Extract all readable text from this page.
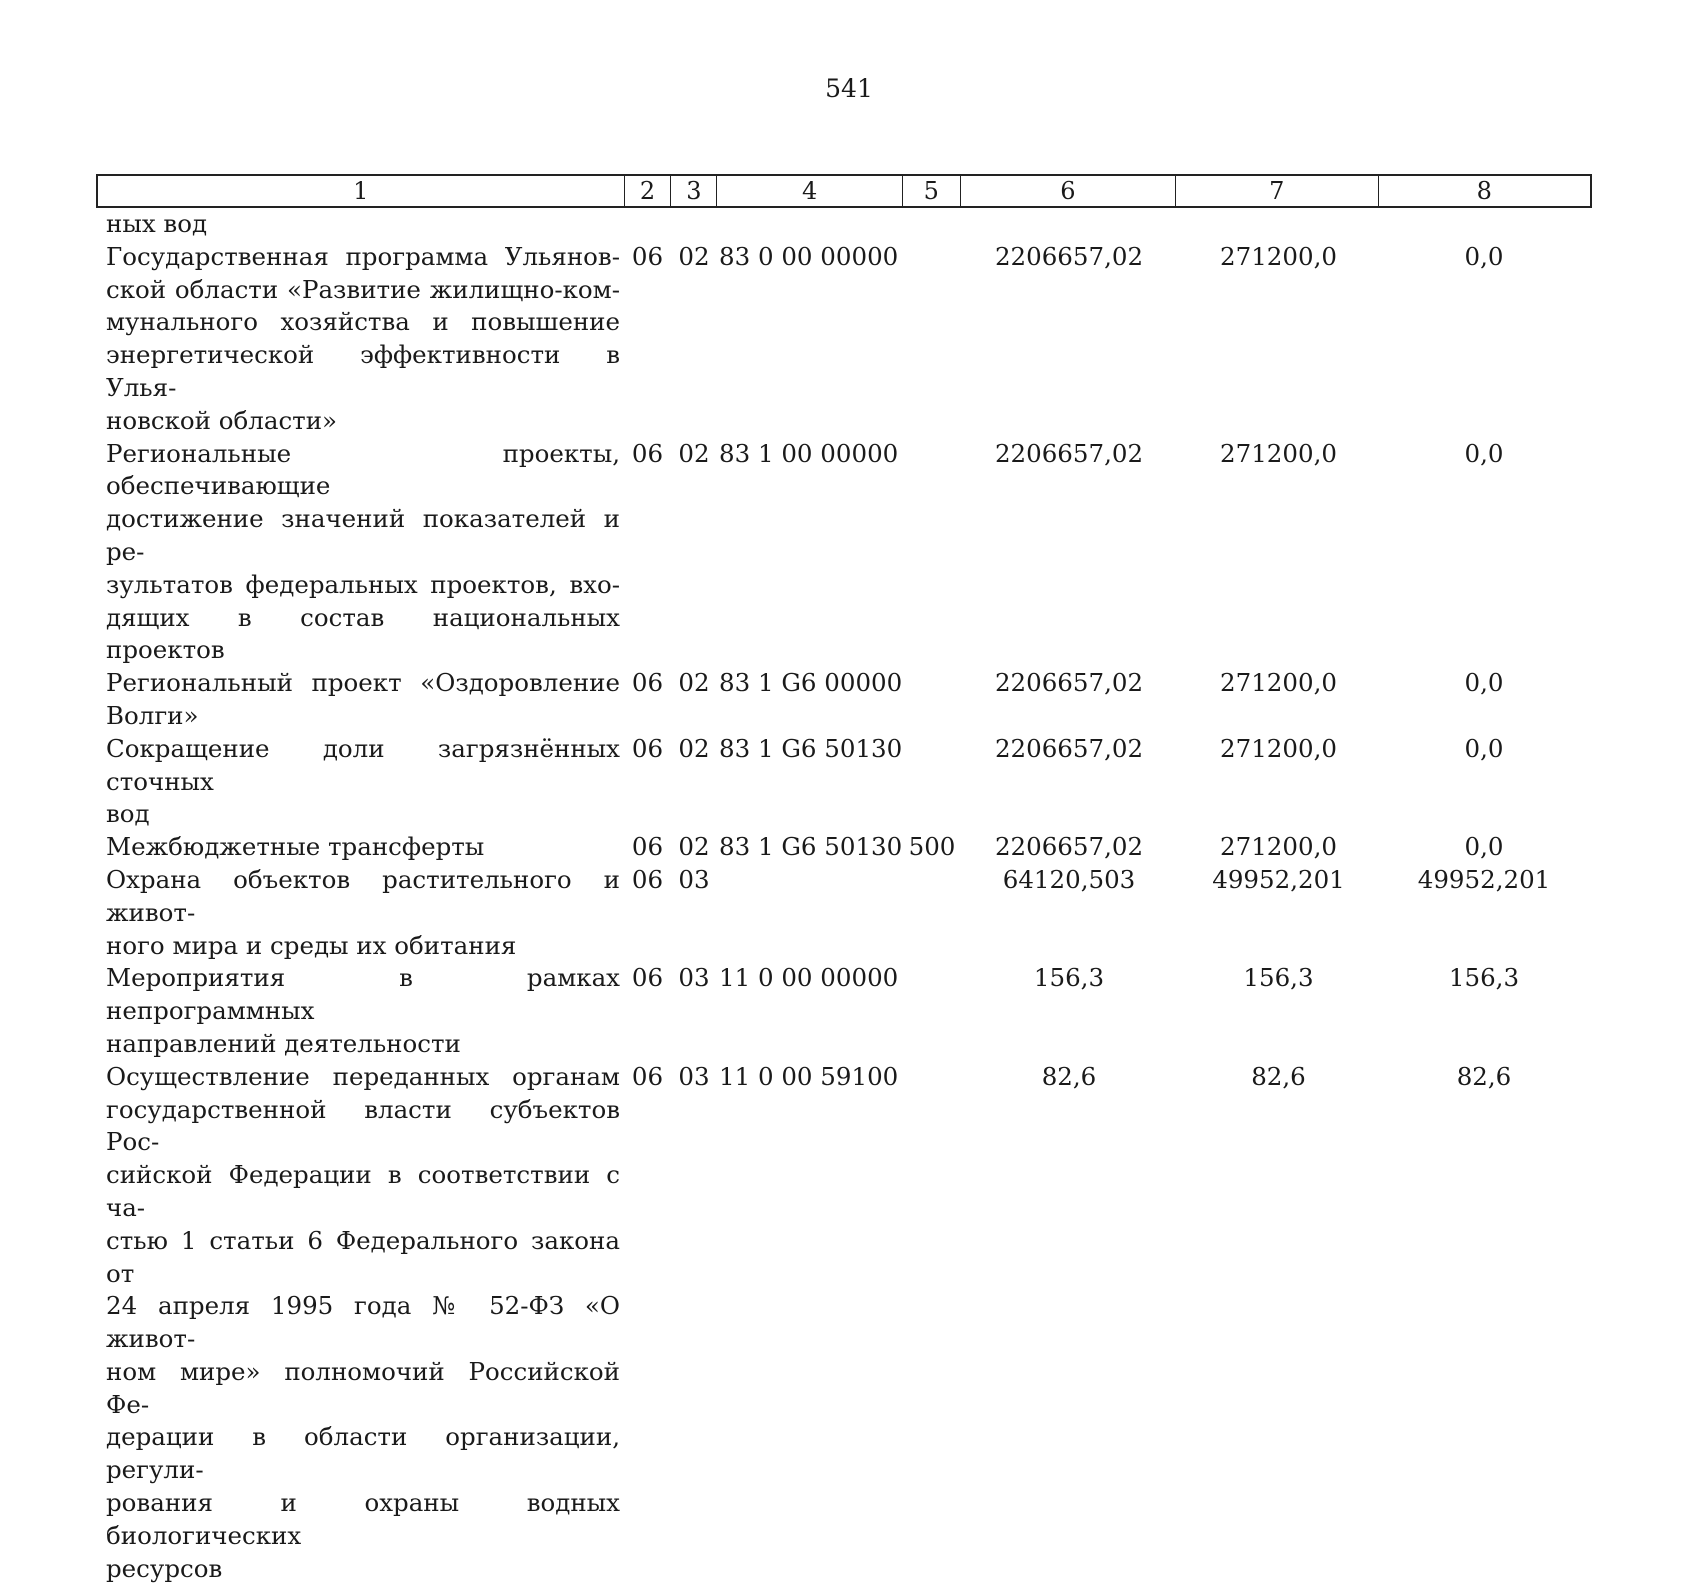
541
1	2	3	4	5	6	7	8
ных вод
Государственная программа Ульянов-
ской области «Развитие жилищно-ком-
мунального хозяйства и повышение
энергетической эффективности в Улья-
новской области»
06 02 83 0 00 00000	2206657,02	271200,0	0,0
Региональные проекты, обеспечивающие
достижение значений показателей и ре-
зультатов федеральных проектов, вхо-
дящих в состав национальных проектов
06 02 83 1 00 00000	2206657,02	271200,0	0,0
Региональный проект «Оздоровление
Волги»
06 02 83 1 G6 00000	2206657,02	271200,0	0,0
Сокращение доли загрязнённых сточных
вод
06 02 83 1 G6 50130	2206657,02	271200,0	0,0
Межбюджетные трансферты	06 02 83 1 G6 50130 500	2206657,02	271200,0	0,0
Охрана объектов растительного и живот-
ного мира и среды их обитания
06 03	64120,503	49952,201	49952,201
Мероприятия в рамках непрограммных
направлений деятельности
06 03 11 0 00 00000	156,3	156,3	156,3
Осуществление переданных органам
государственной власти субъектов Рос-
сийской Федерации в соответствии с ча-
стью 1 статьи 6 Федерального закона от
24 апреля 1995 года № 52-ФЗ «О живот-
ном мире» полномочий Российской Фе-
дерации в области организации, регули-
рования и охраны водных биологических
ресурсов
06 03 11 0 00 59100	82,6	82,6	82,6
